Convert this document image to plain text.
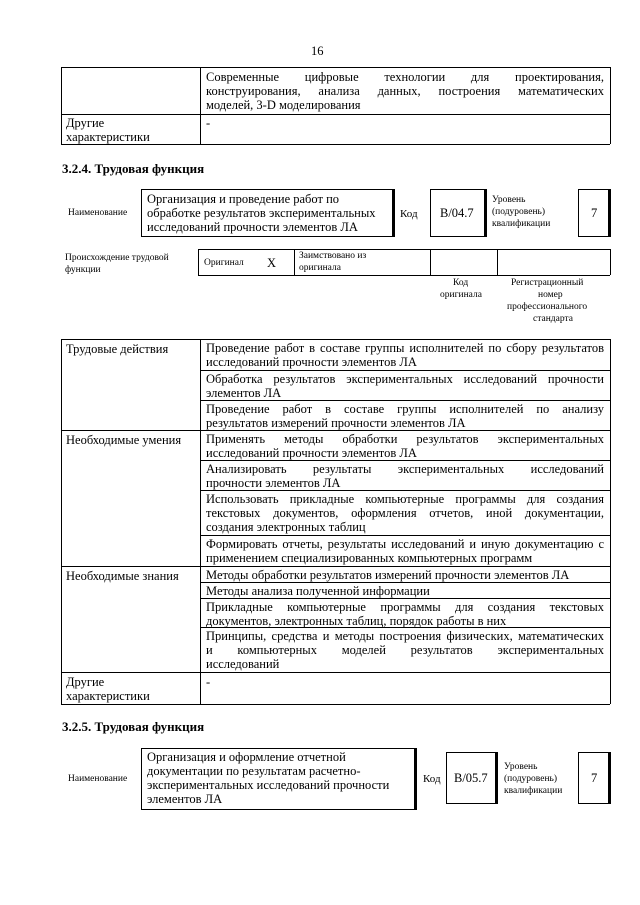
16
Современные цифровые технологии для проектирования,
конструирования, анализа данных, построения математических
моделей, 3-D моделирования
Другие
характеристики
-
3.2.4. Трудовая функция
Наименование
Организация и проведение работ по
обработке результатов экспериментальных
исследований прочности элементов ЛА
Код B/04.7
Уровень
(подуровень)
квалификации
7
Происхождение трудовой
функции
Оригинал X Заимствовано из
оригинала
Код
оригинала
Регистрационный
номер
профессионального
стандарта
Трудовые действия
Необходимые умения
Необходимые знания
Другие
характеристики
Проведение работ в составе группы исполнителей по сбору результатов
исследований прочности элементов ЛА
Обработка результатов экспериментальных исследований прочности
элементов ЛА
Проведение работ в составе группы исполнителей по анализу
результатов измерений прочности элементов ЛА
Применять методы обработки результатов экспериментальных
исследований прочности элементов ЛА
Анализировать результаты экспериментальных исследований
прочности элементов ЛА
Использовать прикладные компьютерные программы для создания
текстовых документов, оформления отчетов, иной документации,
создания электронных таблиц
Формировать отчеты, результаты исследований и иную документацию с
применением специализированных компьютерных программ
Методы обработки результатов измерений прочности элементов ЛА
Методы анализа полученной информации
Прикладные компьютерные программы для создания текстовых
документов, электронных таблиц, порядок работы в них
Принципы, средства и методы построения физических, математических
и компьютерных моделей результатов экспериментальных
исследований
-
3.2.5. Трудовая функция
Наименование
Организация и оформление отчетной
документации по результатам расчетно-
экспериментальных исследований прочности
элементов ЛА
Код B/05.7
Уровень
(подуровень)
квалификации
7
